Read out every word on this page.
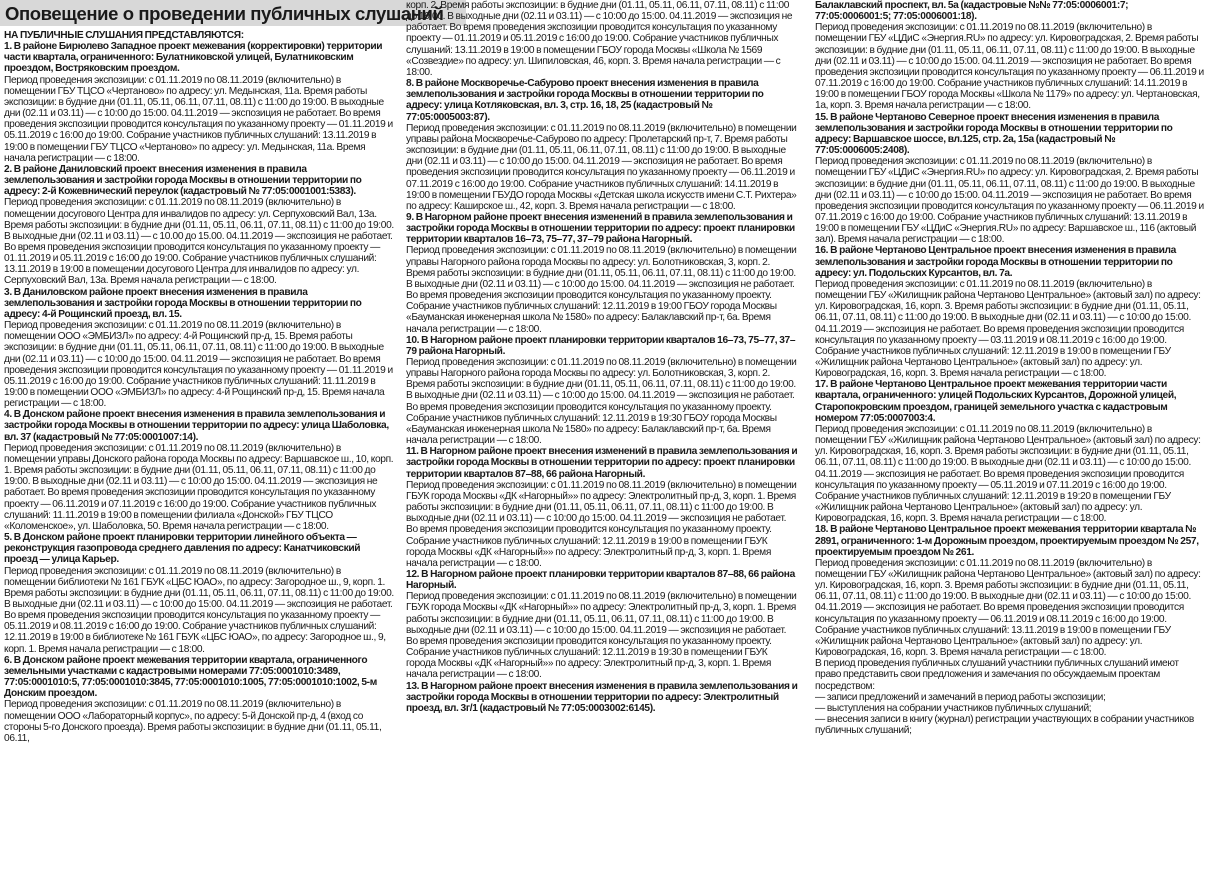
Оповещение о проведении публичных слушаний

НА ПУБЛИЧНЫЕ СЛУШАНИЯ ПРЕДСТАВЛЯЮТСЯ:

1. В районе Бирюлево Западное проект межевания (корректировки) территории части квартала, ограниченного: Булатниковской улицей, Булатниковским проездом, Востряковским проездом.

Период проведения экспозиции: с 01.11.2019 по 08.11.2019 (включительно) в помещении ГБУ ТЦСО «Чертаново» по адресу: ул. Медынская, 11а. Время работы экспозиции: в будние дни (01.11, 05.11, 06.11, 07.11, 08.11) с 11:00 до 19:00. В выходные дни (02.11 и 03.11) — с 10:00 до 15:00. 04.11.2019 — экспозиция не работает. Во время проведения экспозиции проводится консультация по указанному проекту — 01.11.2019 и 05.11.2019 с 16:00 до 19:00. Собрание участников публичных слушаний: 13.11.2019 в 19:00 в помещении ГБУ ТЦСО «Чертаново» по адресу: ул. Медынская, 11а. Время начала регистрации — с 18:00.

2. В районе Даниловский проект внесения изменения в правила землепользования и застройки города Москвы в отношении территории по адресу: 2-й Кожевнический переулок (кадастровый № 77:05:0001001:5383).

Период проведения экспозиции: с 01.11.2019 по 08.11.2019 (включительно) в помещении досугового Центра для инвалидов по адресу: ул. Серпуховский Вал, 13а. Время работы экспозиции: в будние дни (01.11, 05.11, 06.11, 07.11, 08.11) с 11:00 до 19:00. В выходные дни (02.11 и 03.11) — с 10.00 до 15.00. 04.11.2019 — экспозиция не работает. Во время проведения экспозиции проводится консультация по указанному проекту — 01.11.2019 и 05.11.2019 с 16:00 до 19:00. Собрание участников публичных слушаний: 13.11.2019 в 19:00 в помещении досугового Центра для инвалидов по адресу: ул. Серпуховский Вал, 13а. Время начала регистрации — с 18:00.

3. В Даниловском районе проект внесения изменения в правила землепользования и застройки города Москвы в отношении территории по адресу: 4-й Рощинский проезд, вл. 15.

Период проведения экспозиции: с 01.11.2019 по 08.11.2019 (включительно) в помещении ООО «ЭМБИЗЛ» по адресу: 4-й Рощинский пр-д, 15. Время работы экспозиции: в будние дни (01.11, 05.11, 06.11, 07.11, 08.11) с 11:00 до 19:00. В выходные дни (02.11 и 03.11) — с 10:00 до 15:00. 04.11.2019 — экспозиция не работает. Во время проведения экспозиции проводится консультация по указанному проекту — 01.11.2019 и 05.11.2019 с 16:00 до 19:00. Собрание участников публичных слушаний: 11.11.2019 в 19:00 в помещении ООО «ЭМБИЗЛ» по адресу: 4-й Рощинский пр-д, 15. Время начала регистрации — с 18:00.

4. В Донском районе проект внесения изменения в правила землепользования и застройки города Москвы в отношении территории по адресу: улица Шаболовка, вл. 37 (кадастровый № 77:05:0001007:14).

Период проведения экспозиции: с 01.11.2019 по 08.11.2019 (включительно) в помещении управы Донского района города Москвы по адресу: Варшавское ш., 10, корп. 1. Время работы экспозиции: в будние дни (01.11, 05.11, 06.11, 07.11, 08.11) с 11:00 до 19:00. В выходные дни (02.11 и 03.11) — с 10:00 до 15:00. 04.11.2019 — экспозиция не работает. Во время проведения экспозиции проводится консультация по указанному проекту — 06.11.2019 и 07.11.2019 с 16:00 до 19:00. Собрание участников публичных слушаний: 11.11.2019 в 19:00 в помещении филиала «Донской» ГБУ ТЦСО «Коломенское», ул. Шаболовка, 50. Время начала регистрации — с 18:00.

5. В Донском районе проект планировки территории линейного объекта — реконструкция газопровода среднего давления по адресу: Канатчиковский проезд — улица Карьер.

Период проведения экспозиции: с 01.11.2019 по 08.11.2019 (включительно) в помещении библиотеки № 161 ГБУК «ЦБС ЮАО», по адресу: Загородное ш., 9, корп. 1. Время работы экспозиции: в будние дни (01.11, 05.11, 06.11, 07.11, 08.11) с 11:00 до 19:00. В выходные дни (02.11 и 03.11) — с 10:00 до 15:00. 04.11.2019 — экспозиция не работает. Во время проведения экспозиции проводится консультация по указанному проекту — 05.11.2019 и 08.11.2019 с 16:00 до 19:00. Собрание участников публичных слушаний: 12.11.2019 в 19:00 в библиотеке № 161 ГБУК «ЦБС ЮАО», по адресу: Загородное ш., 9, корп. 1. Время начала регистрации — с 18:00.

6. В Донском районе проект межевания территории квартала, ограниченного земельными участками с кадастровыми номерами 77:05:0001010:3489, 77:05:0001010:5, 77:05:0001010:3845, 77:05:0001010:1005, 77:05:0001010:1002, 5-м Донским проездом.

Период проведения экспозиции: с 01.11.2019 по 08.11.2019 (включительно) в помещении ООО «Лабораторный корпус», по адресу: 5-й Донской пр-д, 4 (вход со стороны 5-го Донского проезда). Время работы экспозиции: в будние дни (01.11, 05.11, 06.11,

корп. 2. Время работы экспозиции: в будние дни (01.11, 05.11, 06.11, 07.11, 08.11) с 11:00 до 19:00. В выходные дни (02.11 и 03.11) — с 10:00 до 15:00. 04.11.2019 — экспозиция не работает. Во время проведения экспозиции проводится консультация по указанному проекту — 01.11.2019 и 05.11.2019 с 16:00 до 19:00. Собрание участников публичных слушаний: 13.11.2019 в 19:00 в помещении ГБОУ города Москвы «Школа № 1569 «Созвездие» по адресу: ул. Шипиловская, 46, корп. 3. Время начала регистрации — с 18:00.

8. В районе Москворечье-Сабурово проект внесения изменения в правила землепользования и застройки города Москвы в отношении территории по адресу: улица Котляковская, вл. 3, стр. 16, 18, 25 (кадастровый № 77:05:0005003:87).

Период проведения экспозиции: с 01.11.2019 по 08.11.2019 (включительно) в помещении управы района Москворечье-Сабурово по адресу: Пролетарский пр-т, 7. Время работы экспозиции: в будние дни (01.11, 05.11, 06.11, 07.11, 08.11) с 11:00 до 19:00. В выходные дни (02.11 и 03.11) — с 10:00 до 15:00. 04.11.2019 — экспозиция не работает. Во время проведения экспозиции проводится консультация по указанному проекту — 06.11.2019 и 07.11.2019 с 16:00 до 19:00. Собрание участников публичных слушаний: 14.11.2019 в 19:00 в помещении ГБУДО города Москвы «Детская школа искусств имени С.Т. Рихтера» по адресу: Каширское ш., 42, корп. 3. Время начала регистрации — с 18:00.

9. В Нагорном районе проект внесения изменений в правила землепользования и застройки города Москвы в отношении территории по адресу: проект планировки территории кварталов 16–73, 75–77, 37–79 района Нагорный.

Период проведения экспозиции: с 01.11.2019 по 08.11.2019 (включительно) в помещении управы Нагорного района города Москвы по адресу: ул. Болотниковская, 3, корп. 2. Время работы экспозиции: в будние дни (01.11, 05.11, 06.11, 07.11, 08.11) с 11:00 до 19:00. В выходные дни (02.11 и 03.11) — с 10:00 до 15:00. 04.11.2019 — экспозиция не работает. Во время проведения экспозиции проводится консультация по указанному проекту. Собрание участников публичных слушаний: 12.11.2019 в 19:00 ГБОУ города Москвы «Бауманская инженерная школа № 1580» по адресу: Балаклавский пр-т, 6а. Время начала регистрации — с 18:00.

10. В Нагорном районе проект планировки территории кварталов 16–73, 75–77, 37–79 района Нагорный.

Период проведения экспозиции: с 01.11.2019 по 08.11.2019 (включительно) в помещении управы Нагорного района города Москвы по адресу: ул. Болотниковская, 3, корп. 2. Время работы экспозиции: в будние дни (01.11, 05.11, 06.11, 07.11, 08.11) с 11:00 до 19:00. В выходные дни (02.11 и 03.11) — с 10:00 до 15:00. 04.11.2019 — экспозиция не работает. Во время проведения экспозиции проводится консультация по указанному проекту. Собрание участников публичных слушаний: 12.11.2019 в 19:30 ГБОУ города Москвы «Бауманская инженерная школа № 1580» по адресу: Балаклавский пр-т, 6а. Время начала регистрации — с 18:00.

11. В Нагорном районе проект внесения изменений в правила землепользования и застройки города Москвы в отношении территории по адресу: проект планировки территории кварталов 87–88, 66 района Нагорный.

Период проведения экспозиции: с 01.11.2019 по 08.11.2019 (включительно) в помещении ГБУК города Москвы «ДК «Нагорный»» по адресу: Электролитный пр-д, 3, корп. 1. Время работы экспозиции: в будние дни (01.11, 05.11, 06.11, 07.11, 08.11) с 11:00 до 19:00. В выходные дни (02.11 и 03.11) — с 10:00 до 15:00. 04.11.2019 — экспозиция не работает. Во время проведения экспозиции проводится консультация по указанному проекту. Собрание участников публичных слушаний: 12.11.2019 в 19:00 в помещении ГБУК города Москвы «ДК «Нагорный»» по адресу: Электролитный пр-д, 3, корп. 1. Время начала регистрации — с 18:00.

12. В Нагорном районе проект планировки территории кварталов 87–88, 66 района Нагорный.

Период проведения экспозиции: с 01.11.2019 по 08.11.2019 (включительно) в помещении ГБУК города Москвы «ДК «Нагорный»» по адресу: Электролитный пр-д, 3, корп. 1. Время работы экспозиции: в будние дни (01.11, 05.11, 06.11, 07.11, 08.11) с 11:00 до 19:00. В выходные дни (02.11 и 03.11) — с 10:00 до 15:00. 04.11.2019 — экспозиция не работает. Во время проведения экспозиции проводится консультация по указанному проекту. Собрание участников публичных слушаний: 12.11.2019 в 19:30 в помещении ГБУК города Москвы «ДК «Нагорный»» по адресу: Электролитный пр-д, 3, корп. 1. Время начала регистрации — с 18:00.

13. В Нагорном районе проект внесения изменения в правила землепользования и застройки города Москвы в отношении территории по адресу: Электролитный проезд, вл. 3г/1 (кадастровый № 77:05:0003002:6145).

Балаклавский проспект, вл. 5а (кадастровые №№ 77:05:0006001:7; 77:05:0006001:5; 77:05:0006001:18).

Период проведения экспозиции: с 01.11.2019 по 08.11.2019 (включительно) в помещении ГБУ «ЦДиС «Энергия.RU» по адресу: ул. Кировоградская, 2. Время работы экспозиции: в будние дни (01.11, 05.11, 06.11, 07.11, 08.11) с 11:00 до 19:00. В выходные дни (02.11 и 03.11) — с 10:00 до 15:00. 04.11.2019 — экспозиция не работает. Во время проведения экспозиции проводится консультация по указанному проекту — 06.11.2019 и 07.11.2019 с 16:00 до 19:00. Собрание участников публичных слушаний: 14.11.2019 в 19:00 в помещении ГБОУ города Москвы «Школа № 1179» по адресу: ул. Чертановская, 1а, корп. 3. Время начала регистрации — с 18:00.

15. В районе Чертаново Северное проект внесения изменения в правила землепользования и застройки города Москвы в отношении территории по адресу: Варшавское шоссе, вл.125, стр. 2а, 15а (кадастровый № 77:05:0006005:2408).

Период проведения экспозиции: с 01.11.2019 по 08.11.2019 (включительно) в помещении ГБУ «ЦДиС «Энергия.RU» по адресу: ул. Кировоградская, 2. Время работы экспозиции: в будние дни (01.11, 05.11, 06.11, 07.11, 08.11) с 11:00 до 19:00. В выходные дни (02.11 и 03.11) — с 10:00 до 15:00. 04.11.2019 — экспозиция не работает. Во время проведения экспозиции проводится консультация по указанному проекту — 06.11.2019 и 07.11.2019 с 16:00 до 19:00. Собрание участников публичных слушаний: 13.11.2019 в 19:00 в помещении ГБУ «ЦДиС «Энергия.RU» по адресу: Варшавское ш., 116 (актовый зал). Время начала регистрации — с 18:00.

16. В районе Чертаново Центральное проект внесения изменения в правила землепользования и застройки города Москвы в отношении территории по адресу: ул. Подольских Курсантов, вл. 7а.

Период проведения экспозиции: с 01.11.2019 по 08.11.2019 (включительно) в помещении ГБУ «Жилищник района Чертаново Центральное» (актовый зал) по адресу: ул. Кировоградская, 16, корп. 3. Время работы экспозиции: в будние дни (01.11, 05.11, 06.11, 07.11, 08.11) с 11:00 до 19:00. В выходные дни (02.11 и 03.11) — с 10:00 до 15:00. 04.11.2019 — экспозиция не работает. Во время проведения экспозиции проводится консультация по указанному проекту — 03.11.2019 и 08.11.2019 с 16:00 до 19:00. Собрание участников публичных слушаний: 12.11.2019 в 19:00 в помещении ГБУ «Жилищник района Чертаново Центральное» (актовый зал) по адресу: ул. Кировоградская, 16, корп. 3. Время начала регистрации — с 18:00.

17. В районе Чертаново Центральное проект межевания территории части квартала, ограниченного: улицей Подольских Курсантов, Дорожной улицей, Старопокровским проездом, границей земельного участка с кадастровым номером 77:05:0007003:4.

Период проведения экспозиции: с 01.11.2019 по 08.11.2019 (включительно) в помещении ГБУ «Жилищник района Чертаново Центральное» (актовый зал) по адресу: ул. Кировоградская, 16, корп. 3. Время работы экспозиции: в будние дни (01.11, 05.11, 06.11, 07.11, 08.11) с 11:00 до 19:00. В выходные дни (02.11 и 03.11) — с 10:00 до 15:00. 04.11.2019 — экспозиция не работает. Во время проведения экспозиции проводится консультация по указанному проекту — 05.11.2019 и 07.11.2019 с 16:00 до 19:00. Собрание участников публичных слушаний: 12.11.2019 в 19:20 в помещении ГБУ «Жилищник района Чертаново Центральное» (актовый зал) по адресу: ул. Кировоградская, 16, корп. 3. Время начала регистрации — с 18:00.

18. В районе Чертаново Центральное проект межевания территории квартала № 2891, ограниченного: 1-м Дорожным проездом, проектируемым проездом № 257, проектируемым проездом № 261.

Период проведения экспозиции: с 01.11.2019 по 08.11.2019 (включительно) в помещении ГБУ «Жилищник района Чертаново Центральное» (актовый зал) по адресу: ул. Кировоградская, 16, корп. 3. Время работы экспозиции: в будние дни (01.11, 05.11, 06.11, 07.11, 08.11) с 11:00 до 19:00. В выходные дни (02.11 и 03.11) — с 10:00 до 15:00. 04.11.2019 — экспозиция не работает. Во время проведения экспозиции проводится консультация по указанному проекту — 06.11.2019 и 08.11.2019 с 16:00 до 19:00. Собрание участников публичных слушаний: 13.11.2019 в 19:00 в помещении ГБУ «Жилищник района Чертаново Центральное» (актовый зал) по адресу: ул. Кировоградская, 16, корп. 3. Время начала регистрации — с 18:00.

В период проведения публичных слушаний участники публичных слушаний имеют право представить свои предложения и замечания по обсуждаемым проектам посредством:

— записи предложений и замечаний в период работы экспозиции;

— выступления на собрании участников публичных слушаний;

— внесения записи в книгу (журнал) регистрации участвующих в собрании участников публичных слушаний;
